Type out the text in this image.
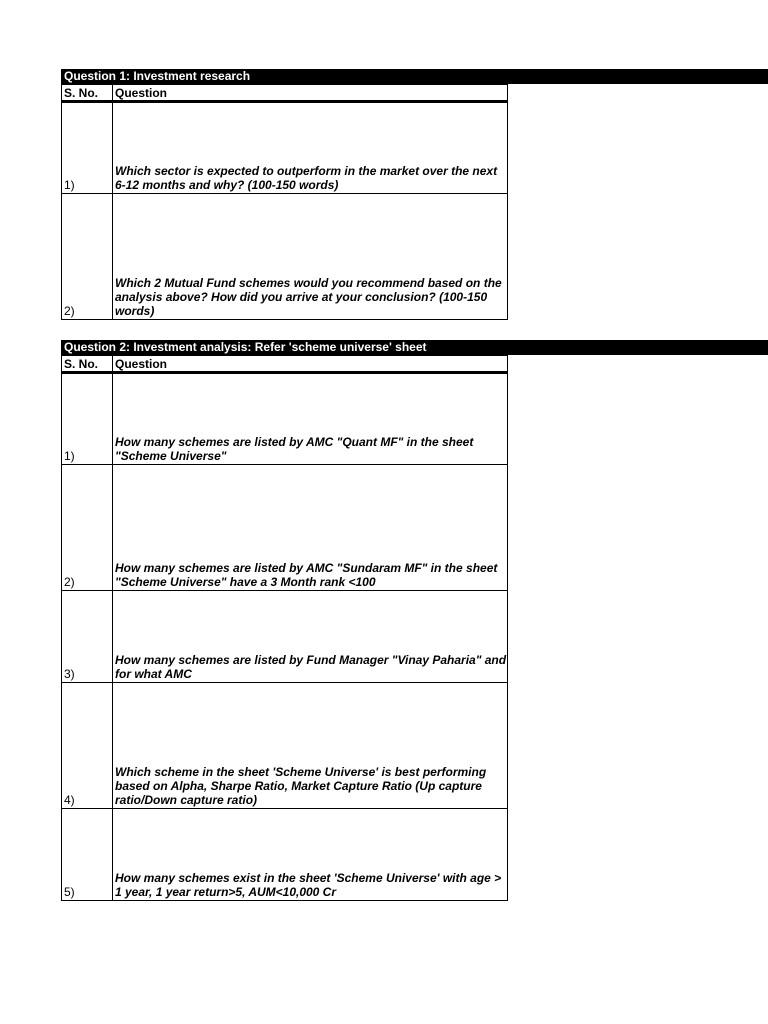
Question 1: Investment research
S. No.	Question
1)	Which sector is expected to outperform in the market over the next 6-12 months and why? (100-150 words)
2)	Which 2 Mutual Fund schemes would you recommend based on the analysis above? How did you arrive at your conclusion? (100-150 words)
Question 2: Investment analysis: Refer 'scheme universe' sheet
S. No.	Question
1)	How many schemes are listed by AMC "Quant MF" in the sheet "Scheme Universe"
2)	How many schemes are listed by AMC "Sundaram MF" in the sheet "Scheme Universe" have a 3 Month rank <100
3)	How many schemes are listed by Fund Manager "Vinay Paharia" and for what AMC
4)	Which scheme in the sheet 'Scheme Universe' is best performing based on Alpha, Sharpe Ratio, Market Capture Ratio (Up capture ratio/Down capture ratio)
5)	How many schemes exist in the sheet 'Scheme Universe' with age > 1 year, 1 year return>5, AUM<10,000 Cr
